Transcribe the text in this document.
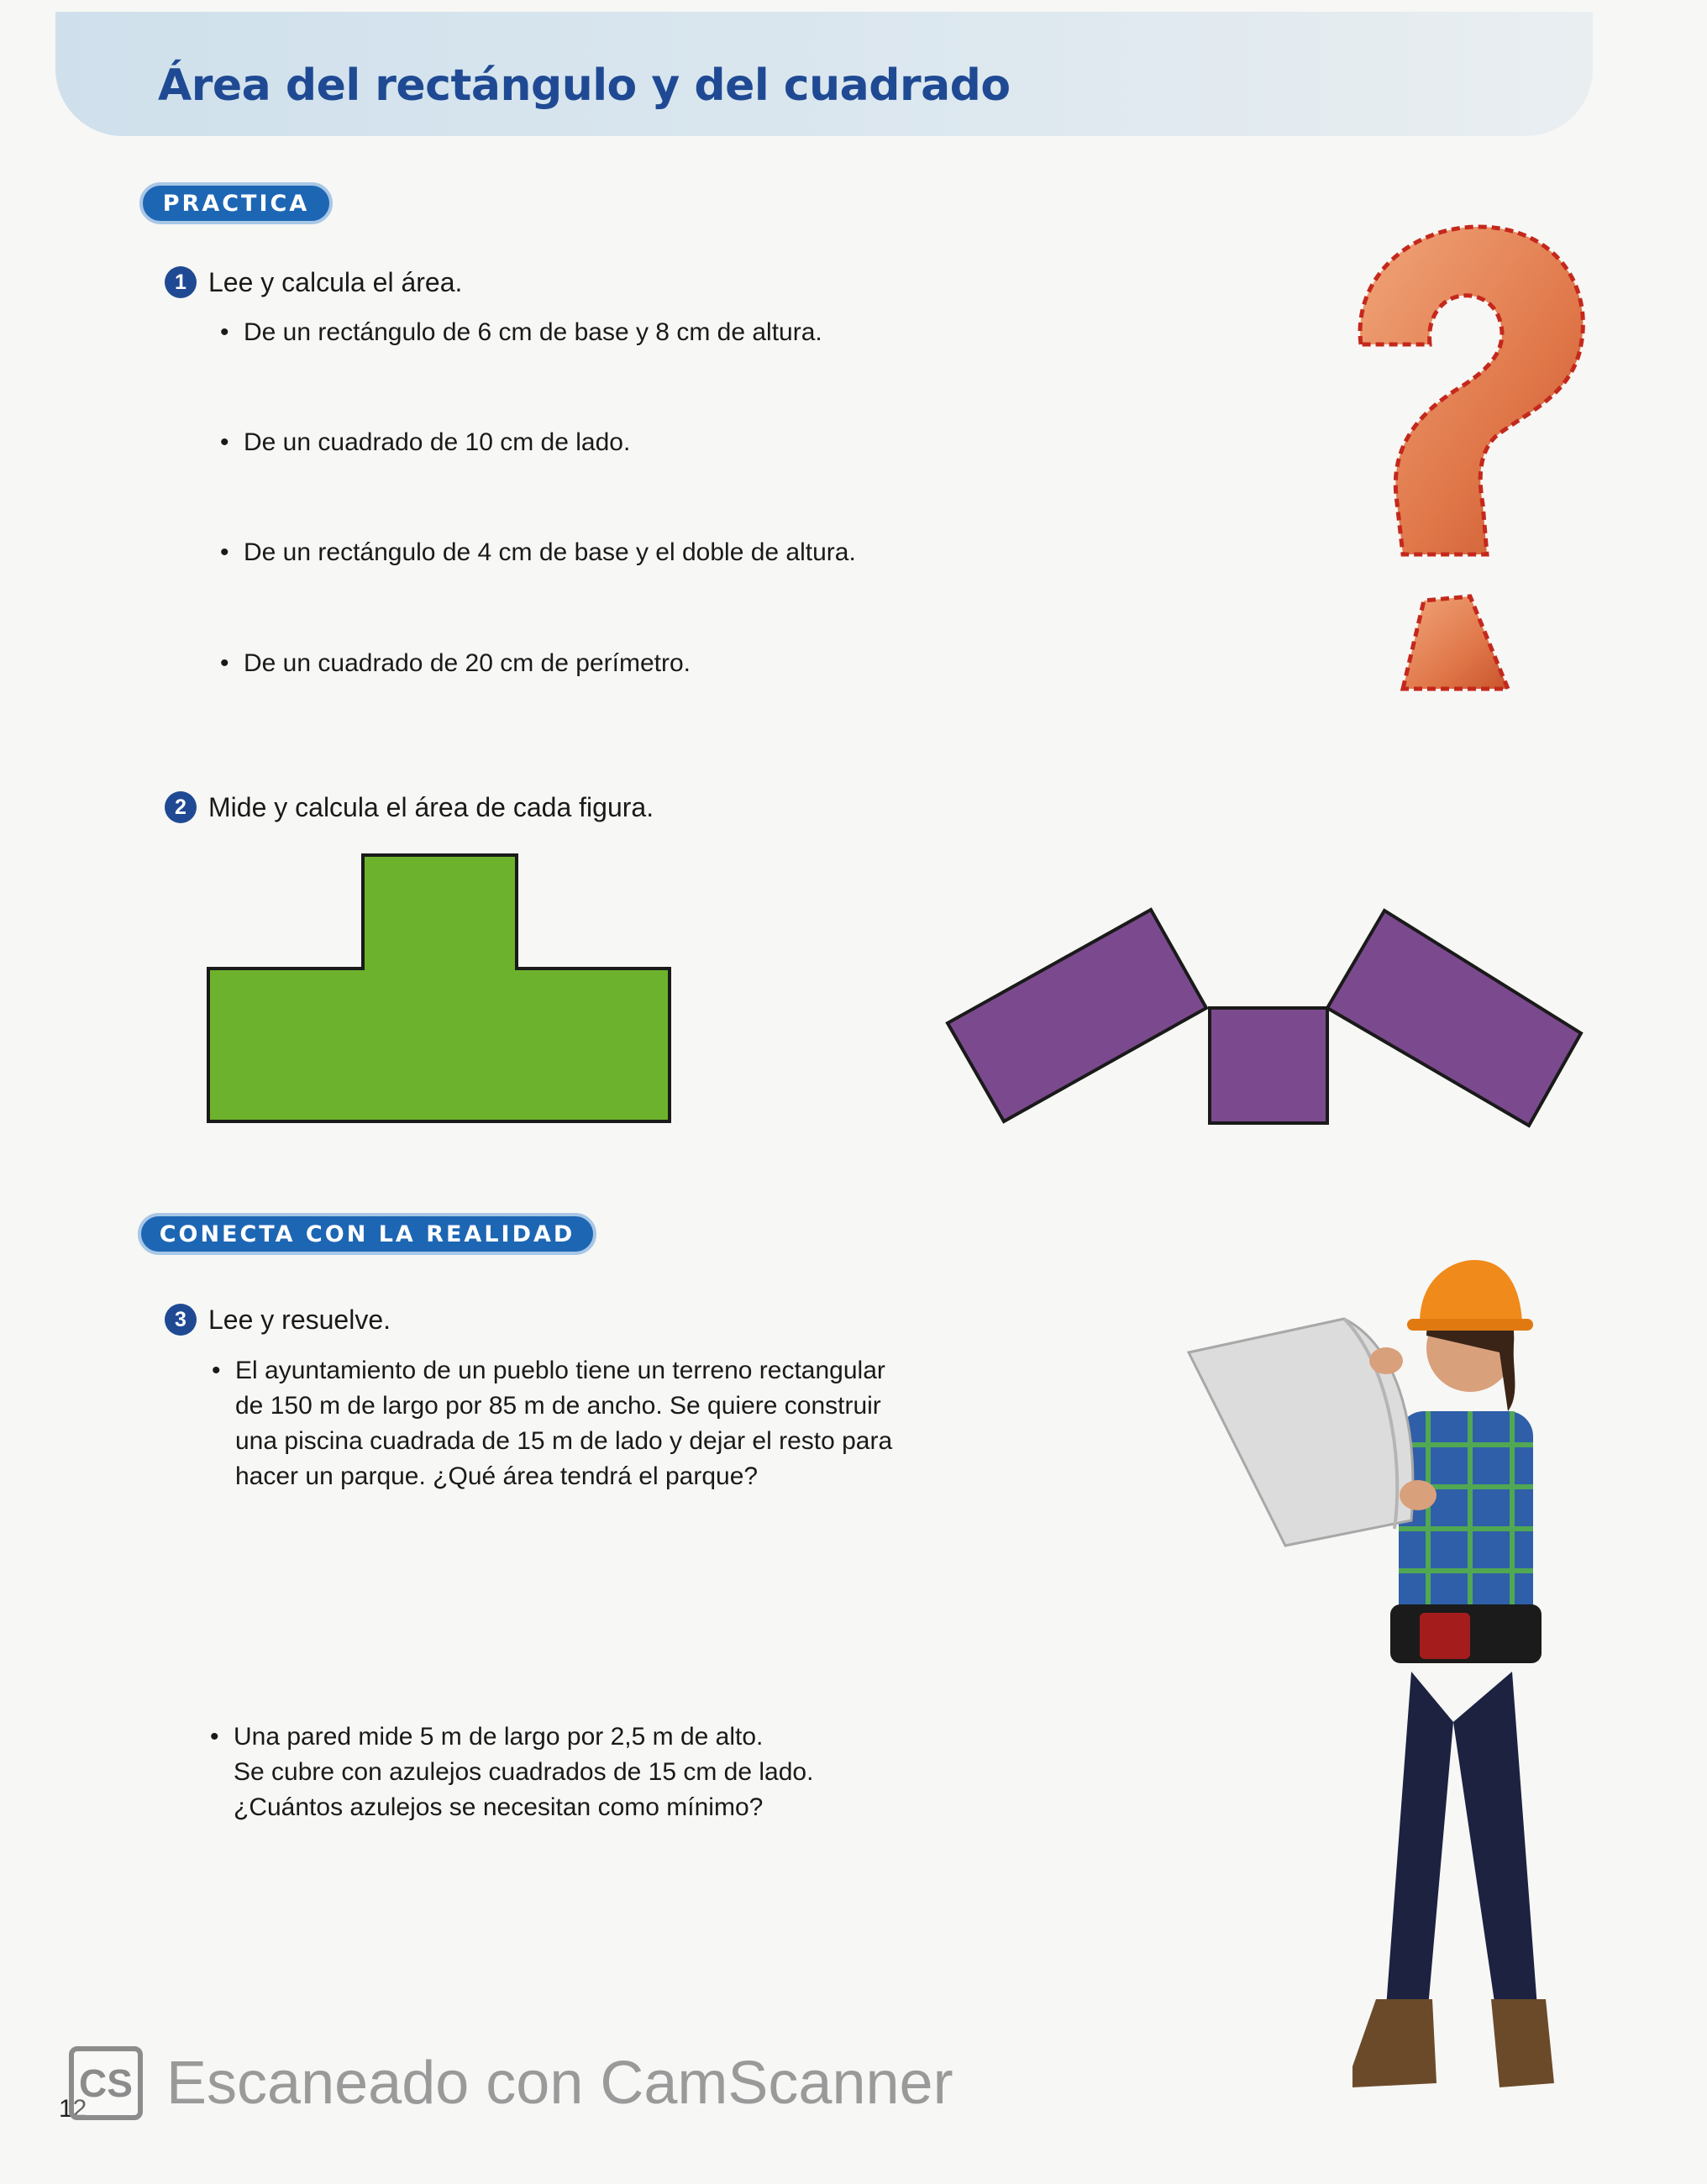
Área del rectángulo y del cuadrado
PRACTICA
1 Lee y calcula el área.
• De un rectángulo de 6 cm de base y 8 cm de altura.
• De un cuadrado de 10 cm de lado.
• De un rectángulo de 4 cm de base y el doble de altura.
• De un cuadrado de 20 cm de perímetro.
2 Mide y calcula el área de cada figura.
CONECTA CON LA REALIDAD
3 Lee y resuelve.
• El ayuntamiento de un pueblo tiene un terreno rectangular
de 150 m de largo por 85 m de ancho. Se quiere construir
una piscina cuadrada de 15 m de lado y dejar el resto para
hacer un parque. ¿Qué área tendrá el parque?
• Una pared mide 5 m de largo por 2,5 m de alto.
Se cubre con azulejos cuadrados de 15 cm de lado.
¿Cuántos azulejos se necesitan como mínimo?
12
CS Escaneado con CamScanner
